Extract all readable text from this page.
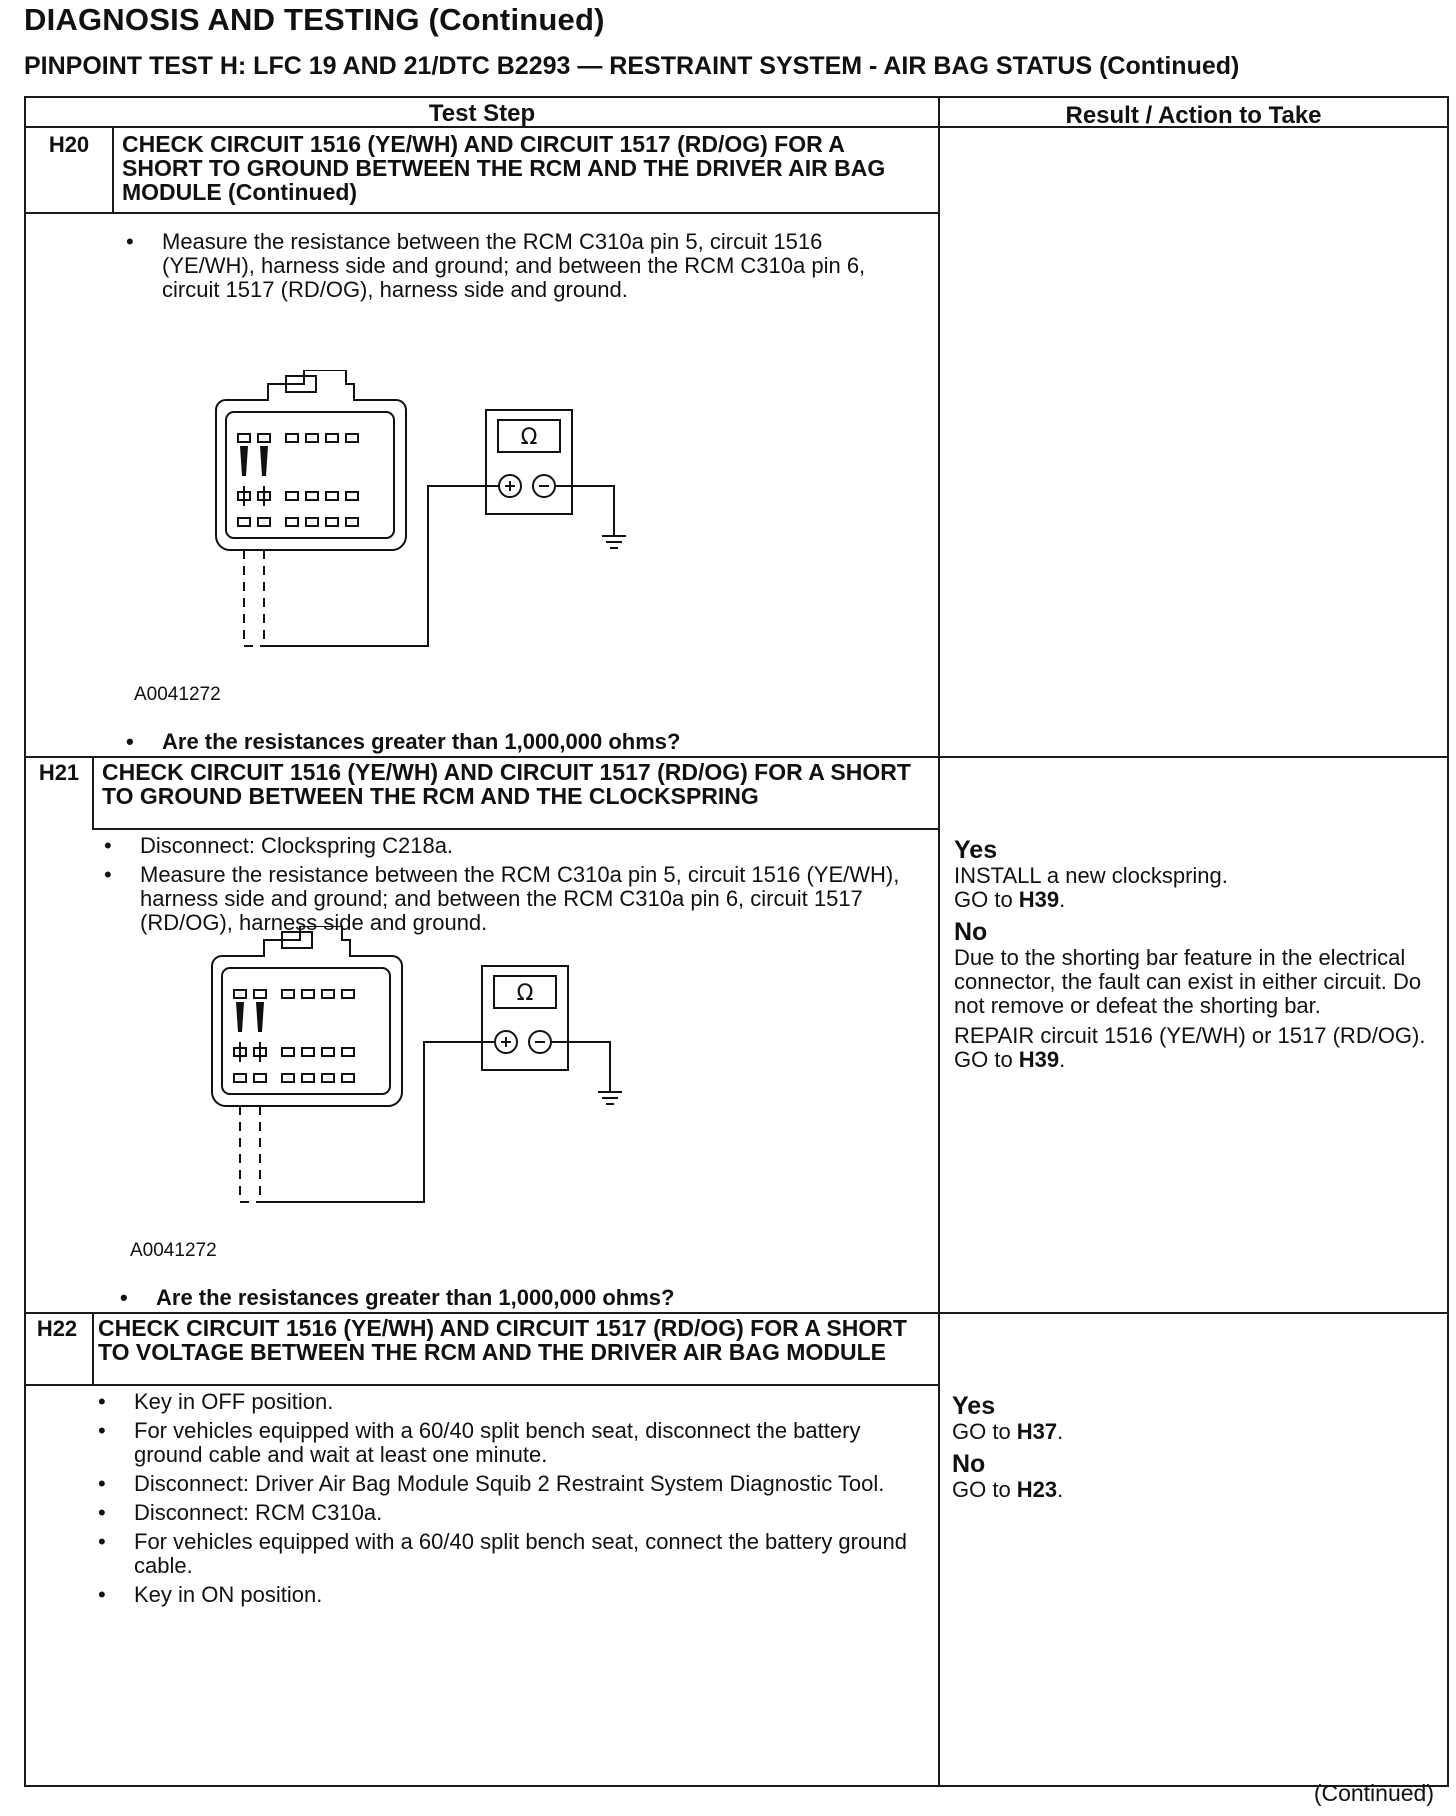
DIAGNOSIS AND TESTING (Continued)
PINPOINT TEST H: LFC 19 AND 21/DTC B2293 — RESTRAINT SYSTEM - AIR BAG STATUS (Continued)
Test Step	Result / Action to Take
H20	CHECK CIRCUIT 1516 (YE/WH) AND CIRCUIT 1517 (RD/OG) FOR A SHORT TO GROUND BETWEEN THE RCM AND THE DRIVER AIR BAG MODULE (Continued)
• Measure the resistance between the RCM C310a pin 5, circuit 1516 (YE/WH), harness side and ground; and between the RCM C310a pin 6, circuit 1517 (RD/OG), harness side and ground.
Ω
A0041272
• Are the resistances greater than 1,000,000 ohms?
H21 CHECK CIRCUIT 1516 (YE/WH) AND CIRCUIT 1517 (RD/OG) FOR A SHORT TO GROUND BETWEEN THE RCM AND THE CLOCKSPRING
• Disconnect: Clockspring C218a.
• Measure the resistance between the RCM C310a pin 5, circuit 1516 (YE/WH), harness side and ground; and between the RCM C310a pin 6, circuit 1517 (RD/OG), harness side and ground.
Ω
A0041272
• Are the resistances greater than 1,000,000 ohms?
Yes

INSTALL a new clockspring.
GO to H39.

No

Due to the shorting bar feature in the electrical connector, the fault can exist in either circuit. Do not remove or defeat the shorting bar.

REPAIR circuit 1516 (YE/WH) or 1517 (RD/OG). GO to H39.

H22 CHECK CIRCUIT 1516 (YE/WH) AND CIRCUIT 1517 (RD/OG) FOR A SHORT TO VOLTAGE BETWEEN THE RCM AND THE DRIVER AIR BAG MODULE
• Key in OFF position.
• For vehicles equipped with a 60/40 split bench seat, disconnect the battery ground cable and wait at least one minute.
• Disconnect: Driver Air Bag Module Squib 2 Restraint System Diagnostic Tool.
• Disconnect: RCM C310a.
• For vehicles equipped with a 60/40 split bench seat, connect the battery ground cable.
• Key in ON position.
Yes

GO to H37.

No

GO to H23.

(Continued)
